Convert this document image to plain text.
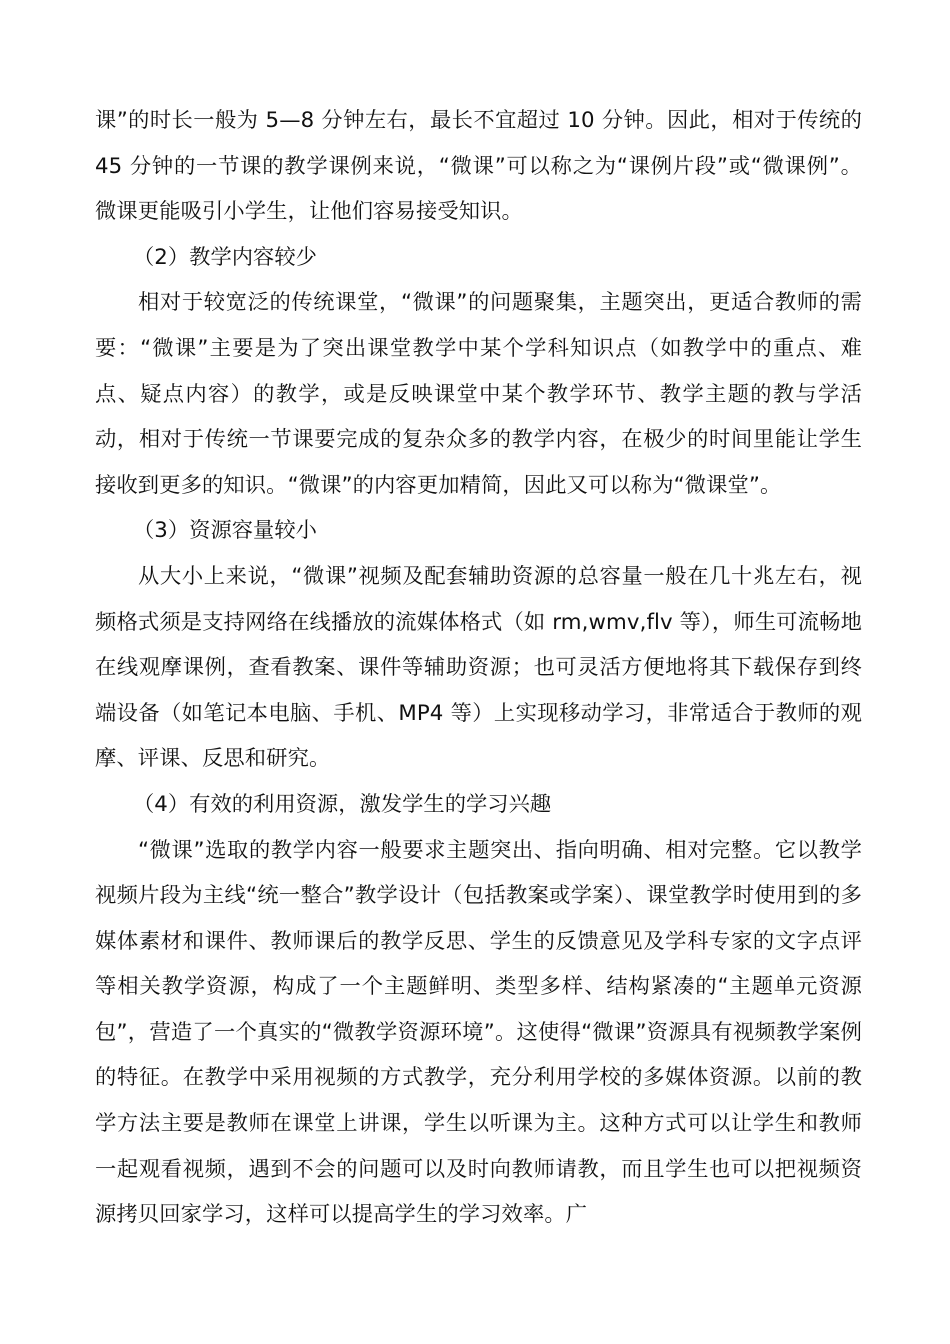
课”的时长一般为 5—8 分钟左右，最长不宜超过 10 分钟。因此，相对于传统的 45 分钟的一节课的教学课例来说，“微课”可以称之为“课例片段”或“微课例”。 微课更能吸引小学生，让他们容易接受知识。

（2）教学内容较少

相对于较宽泛的传统课堂，“微课”的问题聚集，主题突出，更适合教师的需要：“微课”主要是为了突出课堂教学中某个学科知识点（如教学中的重点、难点、疑点内容）的教学，或是反映课堂中某个教学环节、教学主题的教与学活动，相对于传统一节课要完成的复杂众多的教学内容，在极少的时间里能让学生接收到更多的知识。“微课”的内容更加精简，因此又可以称为“微课堂”。

（3）资源容量较小

从大小上来说，“微课”视频及配套辅助资源的总容量一般在几十兆左右，视频格式须是支持网络在线播放的流媒体格式（如 rm,wmv,flv 等），师生可流畅地在线观摩课例，查看教案、课件等辅助资源；也可灵活方便地将其下载保存到终端设备（如笔记本电脑、手机、MP4 等）上实现移动学习，非常适合于教师的观摩、评课、反思和研究。

（4）有效的利用资源，激发学生的学习兴趣

“微课”选取的教学内容一般要求主题突出、指向明确、相对完整。它以教学视频片段为主线“统一整合”教学设计（包括教案或学案）、课堂教学时使用到的多媒体素材和课件、教师课后的教学反思、学生的反馈意见及学科专家的文字点评等相关教学资源，构成了一个主题鲜明、类型多样、结构紧凑的“主题单元资源包”，营造了一个真实的“微教学资源环境”。这使得“微课”资源具有视频教学案例的特征。在教学中采用视频的方式教学，充分利用学校的多媒体资源。以前的教学方法主要是教师在课堂上讲课，学生以听课为主。这种方式可以让学生和教师一起观看视频，遇到不会的问题可以及时向教师请教，而且学生也可以把视频资源拷贝回家学习，这样可以提高学生的学习效率。广
